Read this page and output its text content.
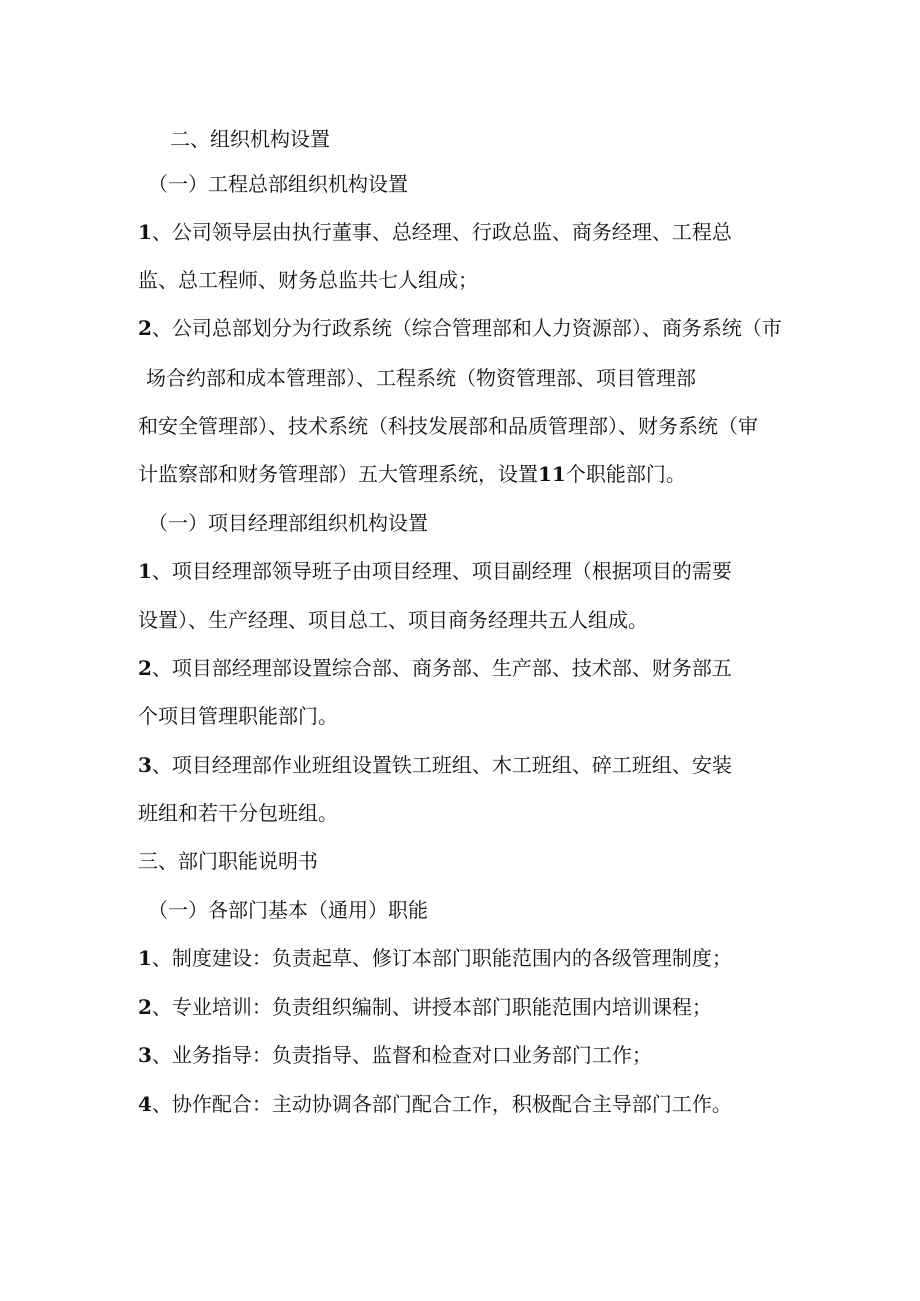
二、组织机构设置
（一）工程总部组织机构设置
1、公司领导层由执行董事、总经理、行政总监、商务经理、工程总
监、总工程师、财务总监共七人组成；
2、公司总部划分为行政系统（综合管理部和人力资源部）、商务系统（市
场合约部和成本管理部）、工程系统（物资管理部、项目管理部
和安全管理部）、技术系统（科技发展部和品质管理部）、财务系统（审
计监察部和财务管理部）五大管理系统，设置11个职能部门。
（一）项目经理部组织机构设置
1、项目经理部领导班子由项目经理、项目副经理（根据项目的需要
设置）、生产经理、项目总工、项目商务经理共五人组成。
2、项目部经理部设置综合部、商务部、生产部、技术部、财务部五
个项目管理职能部门。
3、项目经理部作业班组设置铁工班组、木工班组、碎工班组、安装
班组和若干分包班组。
三、部门职能说明书
（一）各部门基本（通用）职能
1、制度建设：负责起草、修订本部门职能范围内的各级管理制度；
2、专业培训：负责组织编制、讲授本部门职能范围内培训课程；
3、业务指导：负责指导、监督和检查对口业务部门工作；
4、协作配合：主动协调各部门配合工作，积极配合主导部门工作。
